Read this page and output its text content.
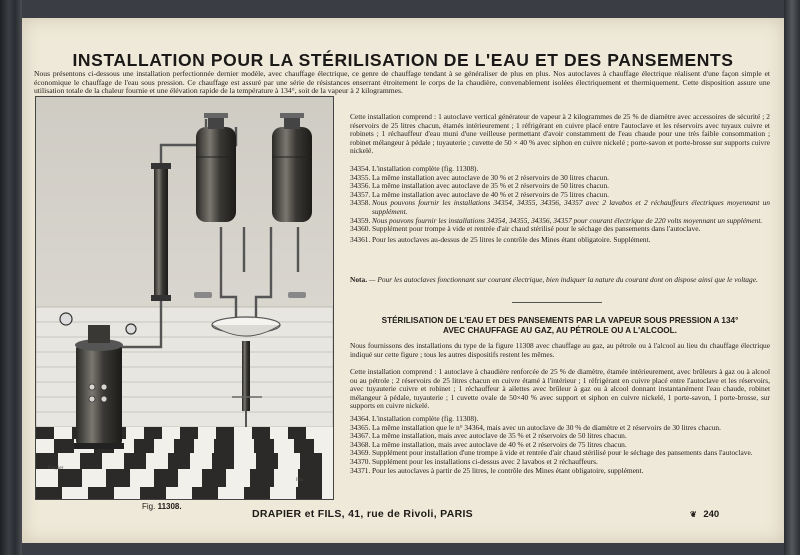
INSTALLATION POUR LA STÉRILISATION DE L'EAU ET DES PANSEMENTS
Nous présentons ci-dessous une installation perfectionnée dernier modèle, avec chauffage électrique, ce genre de chauffage tendant à se généraliser de plus en plus. Nos autoclaves à chauffage électrique réalisent d'une façon simple et économique le chauffage de l'eau sous pression. Ce chauffage est assuré par une série de résistances enserrant étroitement le corps de la chaudière, convenablement isolées électriquement et thermiquement. Cette disposition assure une utilisation totale de la chaleur fournie et une élévation rapide de la température à 134°, soit de la vapeur à 2 kilogrammes.
Drapier
Fils
Fig. 11308.

Cette installation comprend : 1 autoclave vertical générateur de vapeur à 2 kilogrammes de 25 % de diamètre avec accessoires de sécurité ; 2 réservoirs de 25 litres chacun, étamés intérieurement ; 1 réfrigérant en cuivre placé entre l'autoclave et les réservoirs avec tuyaux cuivre et robinets ; 1 réchauffeur d'eau muni d'une veilleuse permettant d'avoir constamment de l'eau chaude pour une très faible consommation ; robinet mélangeur à pédale ; tuyauterie ; cuvette de 50 × 40 % avec siphon en cuivre nickelé ; porte-savon et porte-brosse sur supports cuivre nickelé.

34354. L'installation complète (fig. 11308).
34355. La même installation avec autoclave de 30 % et 2 réservoirs de 30 litres chacun.
34356. La même installation avec autoclave de 35 % et 2 réservoirs de 50 litres chacun.
34357. La même installation avec autoclave de 40 % et 2 réservoirs de 75 litres chacun.
34358. Nous pouvons fournir les installations 34354, 34355, 34356, 34357 avec 2 lavabos et 2 réchauffeurs électriques moyennant un supplément.
34359. Nous pouvons fournir les installations 34354, 34355, 34356, 34357 pour courant électrique de 220 volts moyennant un supplément.
34360. Supplément pour trompe à vide et rentrée d'air chaud stérilisé pour le séchage des pansements dans l'autoclave.
34361. Pour les autoclaves au-dessus de 25 litres le contrôle des Mines étant obligatoire. Supplément.

Nota. — Pour les autoclaves fonctionnant sur courant électrique, bien indiquer la nature du courant dont on dispose ainsi que le voltage.

STÉRILISATION DE L'EAU ET DES PANSEMENTS PAR LA VAPEUR SOUS PRESSION A 134°
AVEC CHAUFFAGE AU GAZ, AU PÉTROLE OU A L'ALCOOL.

Nous fournissons des installations du type de la figure 11308 avec chauffage au gaz, au pétrole ou à l'alcool au lieu du chauffage électrique indiqué sur cette figure ; tous les autres dispositifs restent les mêmes.

Cette installation comprend : 1 autoclave à chaudière renforcée de 25 % de diamètre, étamée intérieurement, avec brûleurs à gaz ou à alcool ou au pétrole ; 2 réservoirs de 25 litres chacun en cuivre étamé à l'intérieur ; 1 réfrigérant en cuivre placé entre l'autoclave et les réservoirs, avec tuyauterie cuivre et robinet ; 1 réchauffeur à ailettes avec brûleur à gaz ou à alcool donnant instantanément l'eau chaude, robinet mélangeur à pédale, tuyauterie ; 1 cuvette ovale de 50×40 % avec support et siphon en cuivre nickelé, 1 porte-savon, 1 porte-brosse, sur supports en cuivre nickelé.

34364. L'installation complète (fig. 11308).
34365. La même installation que le n° 34364, mais avec un autoclave de 30 % de diamètre et 2 réservoirs de 30 litres chacun.
34367. La même installation, mais avec autoclave de 35 % et 2 réservoirs de 50 litres chacun.
34368. La même installation, mais avec autoclave de 40 % et 2 réservoirs de 75 litres chacun.
34369. Supplément pour installation d'une trompe à vide et rentrée d'air chaud stérilisé pour le séchage des pansements dans l'autoclave.
34370. Supplément pour les installations ci-dessus avec 2 lavabos et 2 réchauffeurs.
34371. Pour les autoclaves à partir de 25 litres, le contrôle des Mines étant obligatoire, supplément.
DRAPIER et FILS, 41, rue de Rivoli, PARIS	❦ 240
